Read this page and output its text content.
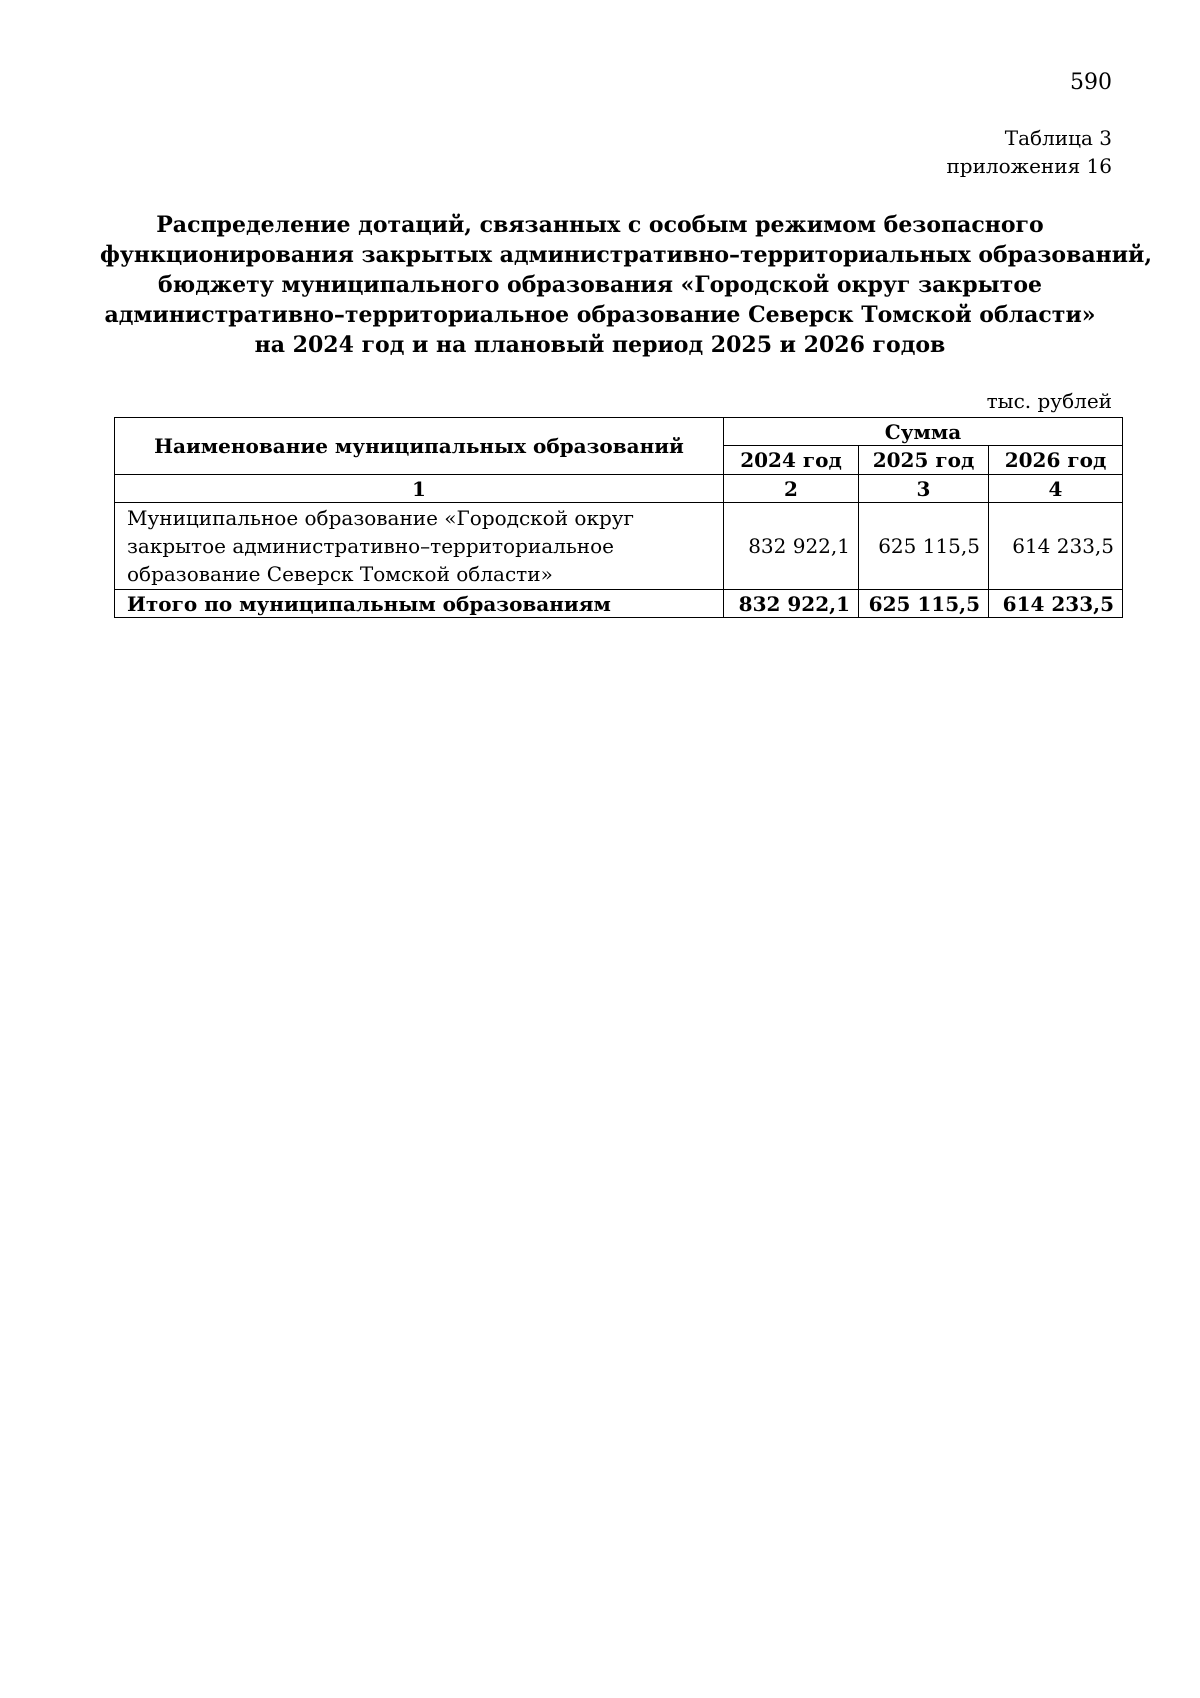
590
Таблица 3
приложения 16
Распределение дотаций, связанных с особым режимом безопасного
функционирования закрытых административно–территориальных образований,
бюджету муниципального образования «Городской округ закрытое
административно–территориальное образование Северск Томской области»
на 2024 год и на плановый период 2025 и 2026 годов
тыс. рублей
Наименование муниципальных образований	Сумма		
	2024 год	2025 год	2026 год
1	2	3	4
Муниципальное образование «Городской округ закрытое административно–территориальное образование Северск Томской области»	832 922,1	625 115,5	614 233,5
Итого по муниципальным образованиям	832 922,1	625 115,5	614 233,5
